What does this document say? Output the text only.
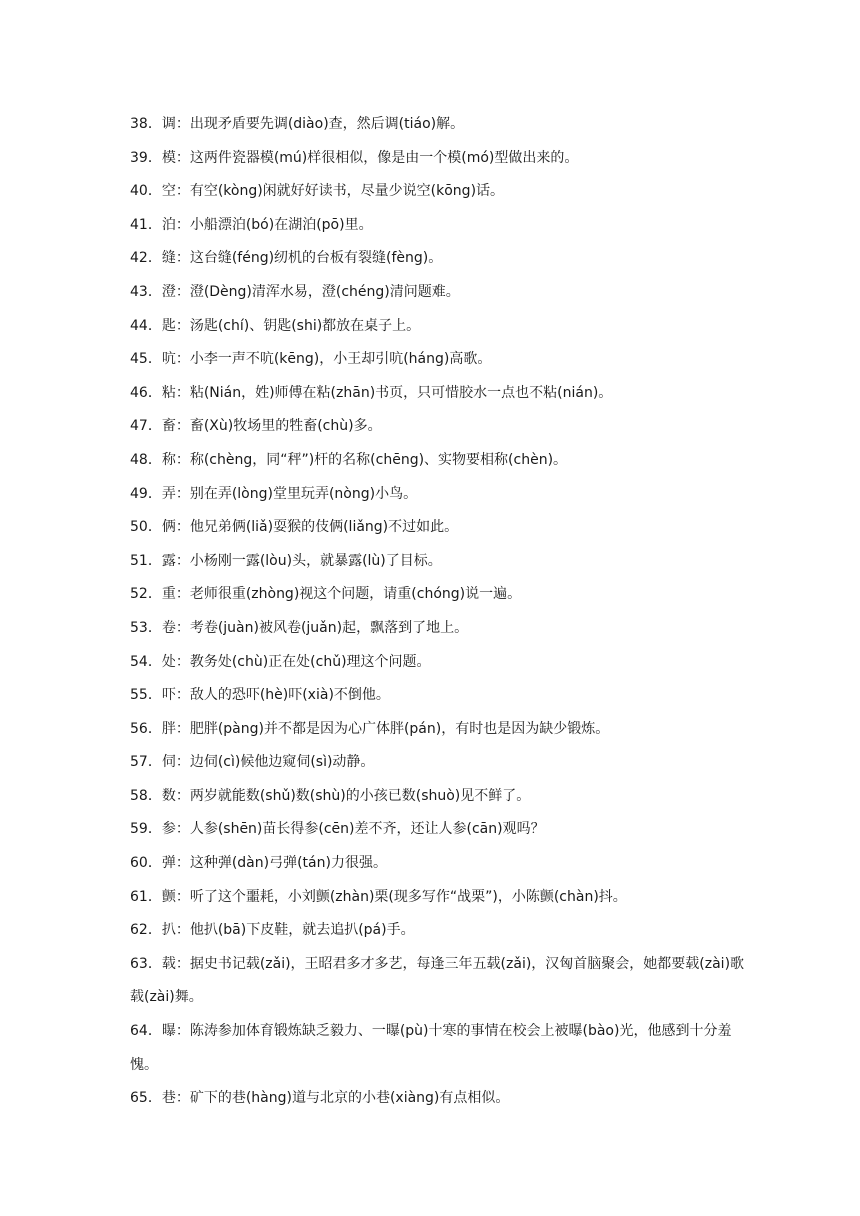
38．调：出现矛盾要先调(diào)查，然后调(tiáo)解。
39．模：这两件瓷器模(mú)样很相似，像是由一个模(mó)型做出来的。
40．空：有空(kòng)闲就好好读书，尽量少说空(kōng)话。
41．泊：小船漂泊(bó)在湖泊(pō)里。
42．缝：这台缝(féng)纫机的台板有裂缝(fèng)。
43．澄：澄(Dèng)清浑水易，澄(chéng)清问题难。
44．匙：汤匙(chí)、钥匙(shi)都放在桌子上。
45．吭：小李一声不吭(kēng)，小王却引吭(háng)高歌。
46．粘：粘(Nián，姓)师傅在粘(zhān)书页，只可惜胶水一点也不粘(nián)。
47．畜：畜(Xù)牧场里的牲畜(chù)多。
48．称：称(chèng，同“秤”)杆的名称(chēng)、实物要相称(chèn)。
49．弄：别在弄(lòng)堂里玩弄(nòng)小鸟。
50．俩：他兄弟俩(liǎ)耍猴的伎俩(liǎng)不过如此。
51．露：小杨刚一露(lòu)头，就暴露(lù)了目标。
52．重：老师很重(zhòng)视这个问题，请重(chóng)说一遍。
53．卷：考卷(juàn)被风卷(juǎn)起，飘落到了地上。
54．处：教务处(chù)正在处(chǔ)理这个问题。
55．吓：敌人的恐吓(hè)吓(xià)不倒他。
56．胖：肥胖(pàng)并不都是因为心广体胖(pán)，有时也是因为缺少锻炼。
57．伺：边伺(cì)候他边窥伺(sì)动静。
58．数：两岁就能数(shǔ)数(shù)的小孩已数(shuò)见不鲜了。
59．参：人参(shēn)苗长得参(cēn)差不齐，还让人参(cān)观吗？
60．弹：这种弹(dàn)弓弹(tán)力很强。
61．颤：听了这个噩耗，小刘颤(zhàn)栗(现多写作“战栗”)，小陈颤(chàn)抖。
62．扒：他扒(bā)下皮鞋，就去追扒(pá)手。
63．载：据史书记载(zǎi)，王昭君多才多艺，每逢三年五载(zǎi)，汉匈首脑聚会，她都要载(zài)歌载(zài)舞。
64．曝：陈涛参加体育锻炼缺乏毅力、一曝(pù)十寒的事情在校会上被曝(bào)光，他感到十分羞愧。
65．巷：矿下的巷(hàng)道与北京的小巷(xiàng)有点相似。
